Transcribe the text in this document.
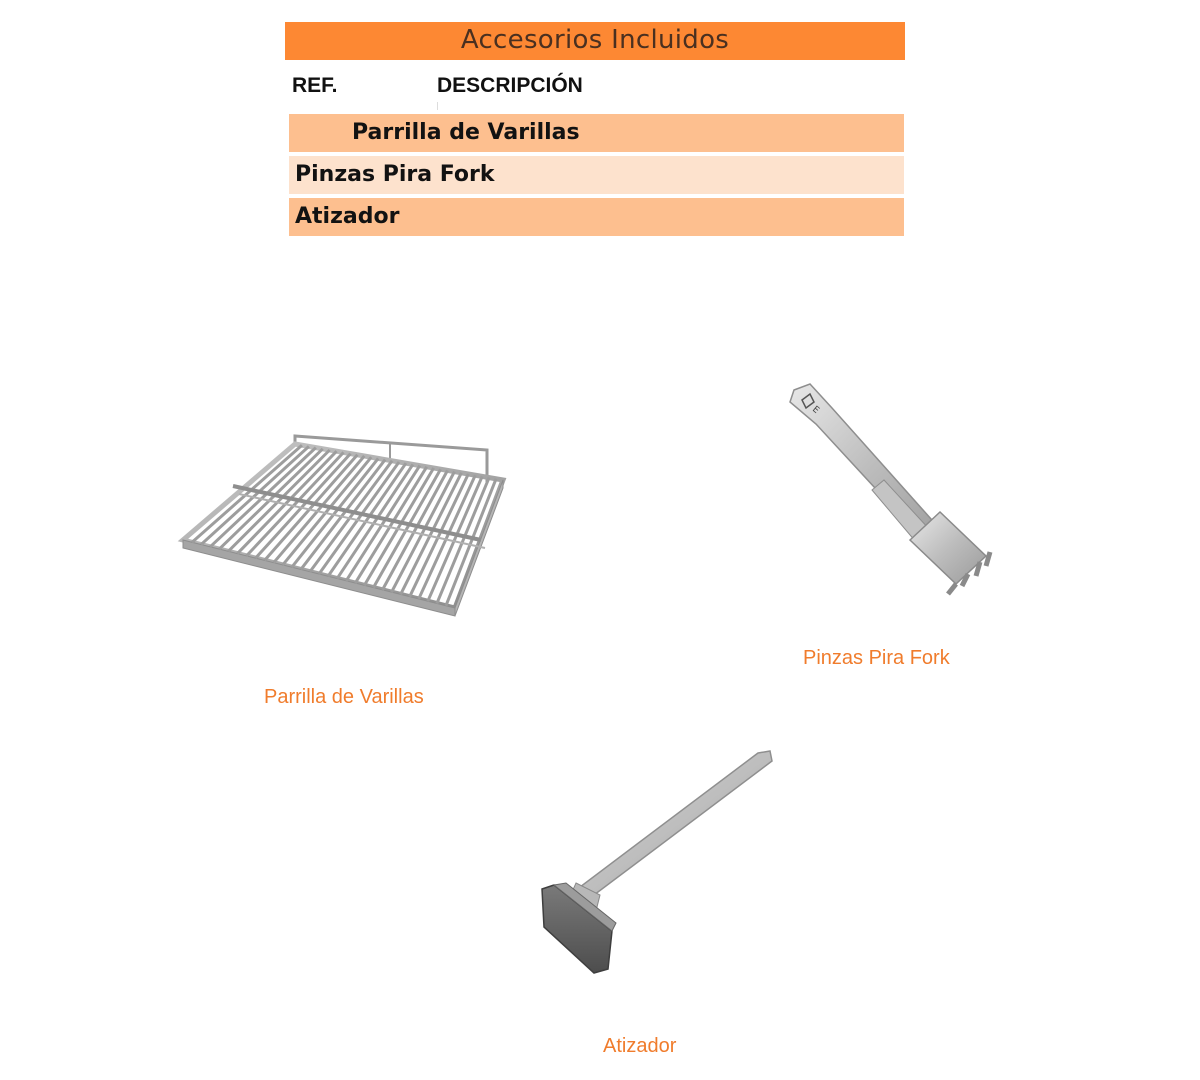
Accesorios Incluidos
REF.	DESCRIPCIÓN
Parrilla de Varillas
Pinzas Pira Fork
Atizador
E
Parrilla de Varillas
Pinzas Pira Fork
Atizador
